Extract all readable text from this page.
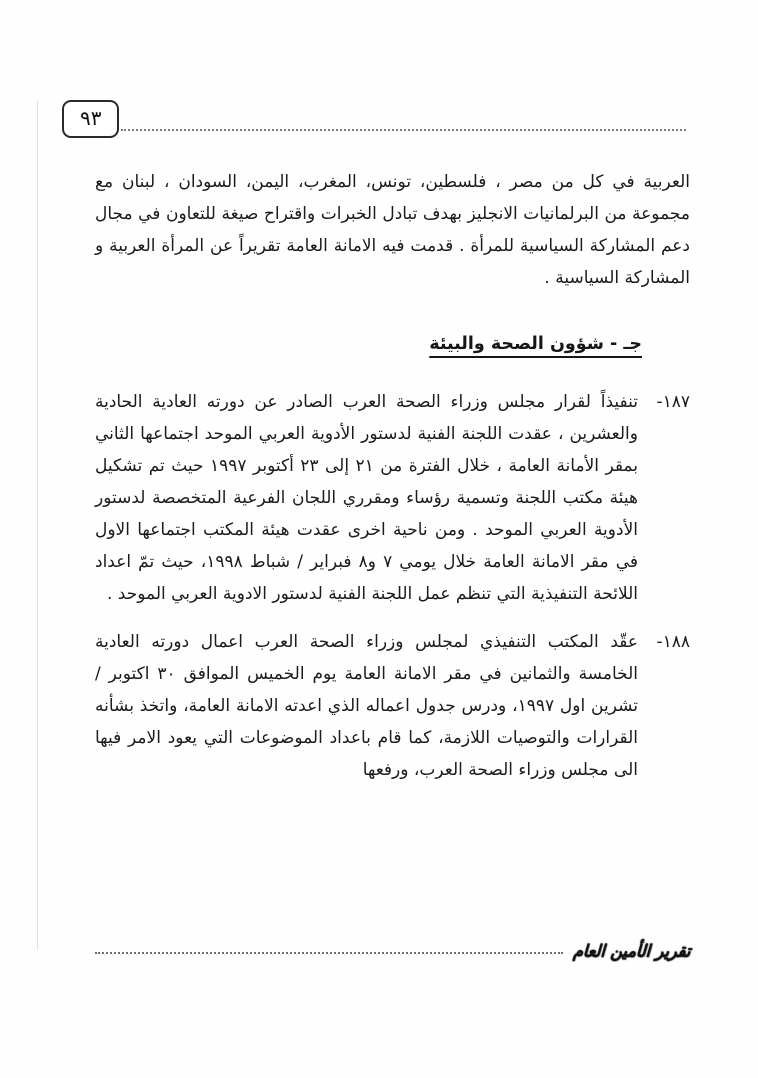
٩٣

العربية في كل من مصر ، فلسطين، تونس، المغرب، اليمن، السودان ، لبنان مع مجموعة من البرلمانيات الانجليز بهدف تبادل الخبرات واقتراح صيغة للتعاون في مجال دعم المشاركة السياسية للمرأة . قدمت فيه الامانة العامة تقريراً عن المرأة العربية و المشاركة السياسية .

جـ - شؤون الصحة والبيئة
١٨٧-

تنفيذاً لقرار مجلس وزراء الصحة العرب الصادر عن دورته العادية الحادية والعشرين ، عقدت اللجنة الفنية لدستور الأدوية العربي الموحد اجتماعها الثاني بمقر الأمانة العامة ، خلال الفترة من ٢١ إلى ٢٣ أكتوبر ١٩٩٧ حيث تم تشكيل هيئة مكتب اللجنة وتسمية رؤساء ومقرري اللجان الفرعية المتخصصة لدستور الأدوية العربي الموحد . ومن ناحية اخرى عقدت هيئة المكتب اجتماعها الاول في مقر الامانة العامة خلال يومي ٧ و٨ فبراير / شباط ١٩٩٨، حيث تمّ اعداد اللائحة التنفيذية التي تنظم عمل اللجنة الفنية لدستور الادوية العربي الموحد .

١٨٨-

عقّد المكتب التنفيذي لمجلس وزراء الصحة العرب اعمال دورته العادية الخامسة والثمانين في مقر الامانة العامة يوم الخميس الموافق ٣٠ اكتوبر / تشرين اول ١٩٩٧، ودرس جدول اعماله الذي اعدته الامانة العامة، واتخذ بشأنه القرارات والتوصيات اللازمة، كما قام باعداد الموضوعات التي يعود الامر فيها الى مجلس وزراء الصحة العرب، ورفعها

تقرير الأمين العام
